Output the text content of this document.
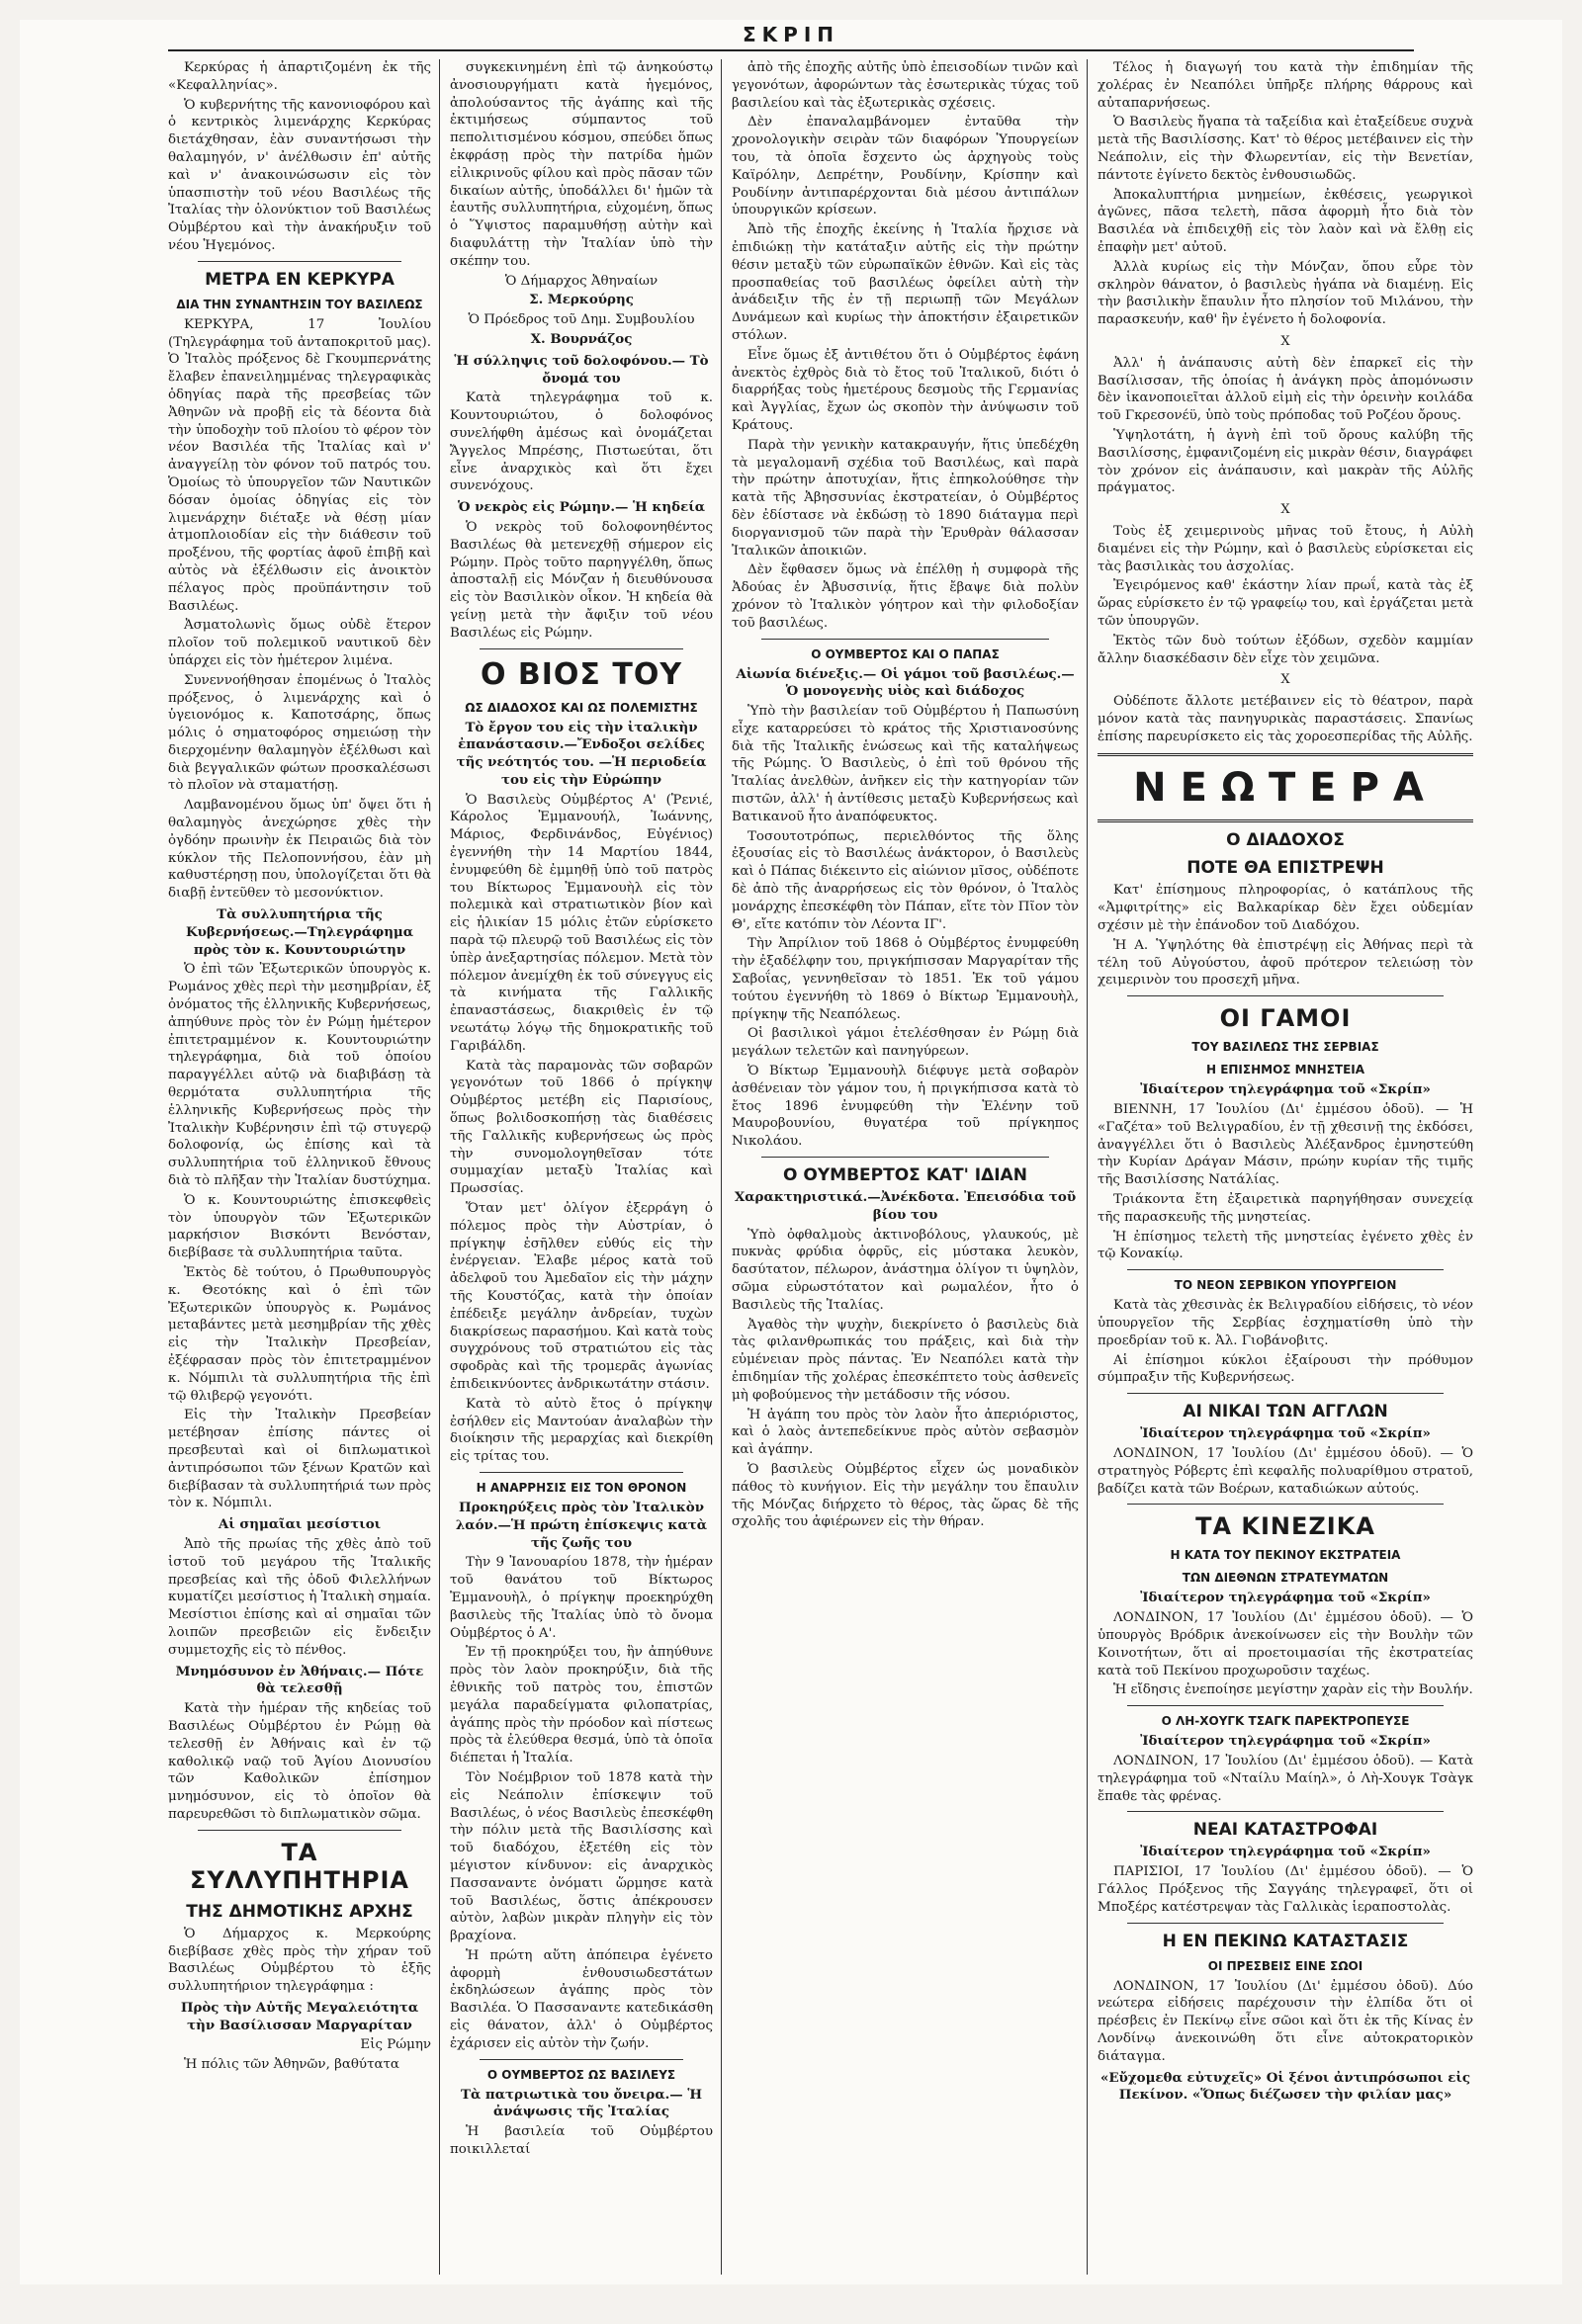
ΣΚΡΙΠ

Κερκύρας ἡ ἀπαρτιζομένη ἐκ τῆς «Κεφαλληνίας».

Ὁ κυβερνήτης τῆς κανονιοφόρου καὶ ὁ κεντρικὸς λιμενάρχης Κερκύρας διετάχθησαν, ἐὰν συναντήσωσι τὴν θαλαμηγόν, ν' ἀνέλθωσιν ἐπ' αὐτῆς καὶ ν' ἀνακοινώσωσιν εἰς τὸν ὑπασπιστὴν τοῦ νέου Βασιλέως τῆς Ἰταλίας τὴν ὁλονύκτιον τοῦ Βασιλέως Οὑμβέρτου καὶ τὴν ἀνακήρυξιν τοῦ νέου Ἡγεμόνος.

ΜΕΤΡΑ ΕΝ ΚΕΡΚΥΡΑ
ΔΙΑ ΤΗΝ ΣΥΝΑΝΤΗΣΙΝ ΤΟΥ ΒΑΣΙΛΕΩΣ

ΚΕΡΚΥΡΑ, 17 Ἰουλίου (Τηλεγράφημα τοῦ ἀνταποκριτοῦ μας). Ὁ Ἰταλὸς πρόξενος δὲ Γκουμπερνάτης ἔλαβεν ἐπανειλημμένας τηλεγραφικὰς ὁδηγίας παρὰ τῆς πρεσβείας τῶν Ἀθηνῶν νὰ προβῇ εἰς τὰ δέοντα διὰ τὴν ὑποδοχὴν τοῦ πλοίου τὸ φέρον τὸν νέον Βασιλέα τῆς Ἰταλίας καὶ ν' ἀναγγείλῃ τὸν φόνον τοῦ πατρός του. Ὁμοίως τὸ ὑπουργεῖον τῶν Ναυτικῶν δόσαν ὁμοίας ὁδηγίας εἰς τὸν λιμενάρχην διέταξε νὰ θέσῃ μίαν ἀτμοπλοιοδίαν εἰς τὴν διάθεσιν τοῦ προξένου, τῆς φορτίας ἀφοῦ ἐπιβῇ καὶ αὐτὸς νὰ ἐξέλθωσιν εἰς ἀνοικτὸν πέλαγος πρὸς προϋπάντησιν τοῦ Βασιλέως.

Ἀσματολωνὶς ὅμως οὐδὲ ἕτερον πλοῖον τοῦ πολεμικοῦ ναυτικοῦ δὲν ὑπάρχει εἰς τὸν ἡμέτερον λιμένα.

Συνεννοήθησαν ἐπομένως ὁ Ἰταλὸς πρόξενος, ὁ λιμενάρχης καὶ ὁ ὑγειονόμος κ. Καποτσάρης, ὅπως μόλις ὁ σηματοφόρος σημειώσῃ τὴν διερχομένην θαλαμηγὸν ἐξέλθωσι καὶ διὰ βεγγαλικῶν φώτων προσκαλέσωσι τὸ πλοῖον νὰ σταματήσῃ.

Λαμβανομένου ὅμως ὑπ' ὄψει ὅτι ἡ θαλαμηγὸς ἀνεχώρησε χθὲς τὴν ὀγδόην πρωινὴν ἐκ Πειραιῶς διὰ τὸν κύκλον τῆς Πελοποννήσου, ἐὰν μὴ καθυστέρησῃ που, ὑπολογίζεται ὅτι θὰ διαβῇ ἐντεῦθεν τὸ μεσονύκτιον.

Τὰ συλλυπητήρια τῆς Κυβερνήσεως.—Τηλεγράφημα πρὸς τὸν κ. Κουντουριώτην

Ὁ ἐπὶ τῶν Ἐξωτερικῶν ὑπουργὸς κ. Ρωμάνος χθὲς περὶ τὴν μεσημβρίαν, ἐξ ὀνόματος τῆς ἑλληνικῆς Κυβερνήσεως, ἀπηύθυνε πρὸς τὸν ἐν Ρώμῃ ἡμέτερον ἐπιτετραμμένον κ. Κουντουριώτην τηλεγράφημα, διὰ τοῦ ὁποίου παραγγέλλει αὐτῷ νὰ διαβιβάσῃ τὰ θερμότατα συλλυπητήρια τῆς ἑλληνικῆς Κυβερνήσεως πρὸς τὴν Ἰταλικὴν Κυβέρνησιν ἐπὶ τῷ στυγερῷ δολοφονίᾳ, ὡς ἐπίσης καὶ τὰ συλλυπητήρια τοῦ ἑλληνικοῦ ἔθνους διὰ τὸ πλῆξαν τὴν Ἰταλίαν δυστύχημα.

Ὁ κ. Κουντουριώτης ἐπισκεφθεὶς τὸν ὑπουργὸν τῶν Ἐξωτερικῶν μαρκήσιον Βισκόντι Βενόσταν, διεβίβασε τὰ συλλυπητήρια ταῦτα.

Ἐκτὸς δὲ τούτου, ὁ Πρωθυπουργὸς κ. Θεοτόκης καὶ ὁ ἐπὶ τῶν Ἐξωτερικῶν ὑπουργὸς κ. Ρωμάνος μεταβάντες μετὰ μεσημβρίαν τῆς χθὲς εἰς τὴν Ἰταλικὴν Πρεσβείαν, ἐξέφρασαν πρὸς τὸν ἐπιτετραμμένον κ. Νόμπιλι τὰ συλλυπητήρια τῆς ἐπὶ τῷ θλιβερῷ γεγονότι.

Εἰς τὴν Ἰταλικὴν Πρεσβείαν μετέβησαν ἐπίσης πάντες οἱ πρεσβευταὶ καὶ οἱ διπλωματικοὶ ἀντιπρόσωποι τῶν ξένων Κρατῶν καὶ διεβίβασαν τὰ συλλυπητήριά των πρὸς τὸν κ. Νόμπιλι.

Αἱ σημαῖαι μεσίστιοι

Ἀπὸ τῆς πρωίας τῆς χθὲς ἀπὸ τοῦ ἱστοῦ τοῦ μεγάρου τῆς Ἰταλικῆς πρεσβείας καὶ τῆς ὁδοῦ Φιλελλήνων κυματίζει μεσίστιος ἡ Ἰταλικὴ σημαία. Μεσίστιοι ἐπίσης καὶ αἱ σημαῖαι τῶν λοιπῶν πρεσβειῶν εἰς ἔνδειξιν συμμετοχῆς εἰς τὸ πένθος.

Μνημόσυνον ἐν Ἀθήναις.— Πότε θὰ τελεσθῇ

Κατὰ τὴν ἡμέραν τῆς κηδείας τοῦ Βασιλέως Οὑμβέρτου ἐν Ρώμῃ θὰ τελεσθῇ ἐν Ἀθήναις καὶ ἐν τῷ καθολικῷ ναῷ τοῦ Ἁγίου Διονυσίου τῶν Καθολικῶν ἐπίσημον μνημόσυνον, εἰς τὸ ὁποῖον θὰ παρευρεθῶσι τὸ διπλωματικὸν σῶμα.

ΤΑ ΣΥΛΛΥΠΗΤΗΡΙΑ
ΤΗΣ ΔΗΜΟΤΙΚΗΣ ΑΡΧΗΣ

Ὁ Δήμαρχος κ. Μερκούρης διεβίβασε χθὲς πρὸς τὴν χήραν τοῦ Βασιλέως Οὑμβέρτου τὸ ἑξῆς συλλυπητήριον τηλεγράφημα :

Πρὸς τὴν Αὐτῆς Μεγαλειότητα τὴν Βασίλισσαν Μαργαρίταν

Εἰς Ρώμην

Ἡ πόλις τῶν Ἀθηνῶν, βαθύτατα

συγκεκινημένη ἐπὶ τῷ ἀνηκούστῳ ἀνοσιουργήματι κατὰ ἡγεμόνος, ἀπολούσαντος τῆς ἀγάπης καὶ τῆς ἐκτιμήσεως σύμπαντος τοῦ πεπολιτισμένου κόσμου, σπεύδει ὅπως ἐκφράσῃ πρὸς τὴν πατρίδα ἡμῶν εἰλικρινοῦς φίλου καὶ πρὸς πᾶσαν τῶν δικαίων αὐτῆς, ὑποδάλλει δι' ἡμῶν τὰ ἑαυτῆς συλλυπητήρια, εὐχομένη, ὅπως ὁ Ὕψιστος παραμυθήσῃ αὐτὴν καὶ διαφυλάττῃ τὴν Ἰταλίαν ὑπὸ τὴν σκέπην του.

Ὁ Δήμαρχος Ἀθηναίων

Σ. Μερκούρης

Ὁ Πρόεδρος τοῦ Δημ. Συμβουλίου

Χ. Βουρνάζος

Ἡ σύλληψις τοῦ δολοφόνου.— Τὸ ὄνομά του

Κατὰ τηλεγράφημα τοῦ κ. Κουντουριώτου, ὁ δολοφόνος συνελήφθη ἀμέσως καὶ ὀνομάζεται Ἄγγελος Μπρέσης, Πιστωεύται, ὅτι εἶνε ἀναρχικὸς καὶ ὅτι ἔχει συνενόχους.

Ὁ νεκρὸς εἰς Ρώμην.— Ἡ κηδεία

Ὁ νεκρὸς τοῦ δολοφονηθέντος Βασιλέως θὰ μετενεχθῇ σήμερον εἰς Ρώμην. Πρὸς τοῦτο παρηγγέλθη, ὅπως ἀποσταλῇ εἰς Μόνζαν ἡ διευθύνουσα εἰς τὸν Βασιλικὸν οἶκον. Ἡ κηδεία θὰ γείνῃ μετὰ τὴν ἄφιξιν τοῦ νέου Βασιλέως εἰς Ρώμην.

Ο ΒΙΟΣ ΤΟΥ
ΩΣ ΔΙΑΔΟΧΟΣ ΚΑΙ ΩΣ ΠΟΛΕΜΙΣΤΗΣ
Τὸ ἔργον του εἰς τὴν ἰταλικὴν ἐπανάστασιν.—Ἔνδοξοι σελίδες τῆς νεότητός του. —Ἡ περιοδεία του εἰς τὴν Εὐρώπην

Ὁ Βασιλεὺς Οὑμβέρτος Α' (Ῥενιέ, Κάρολος Ἐμμανουήλ, Ἰωάννης, Μάριος, Φερδινάνδος, Εὐγένιος) ἐγεννήθη τὴν 14 Μαρτίου 1844, ἐνυμφεύθη δὲ ἐμμηθῇ ὑπὸ τοῦ πατρὸς του Βίκτωρος Ἐμμανουὴλ εἰς τὸν πολεμικὰ καὶ στρατιωτικὸν βίον καὶ εἰς ἡλικίαν 15 μόλις ἐτῶν εὑρίσκετο παρὰ τῷ πλευρῷ τοῦ Βασιλέως εἰς τὸν ὑπὲρ ἀνεξαρτησίας πόλεμον. Μετὰ τὸν πόλεμον ἀνεμίχθη ἐκ τοῦ σύνεγγυς εἰς τὰ κινήματα τῆς Γαλλικῆς ἐπαναστάσεως, διακριθεὶς ἐν τῷ νεωτάτῳ λόγῳ τῆς δημοκρατικῆς τοῦ Γαριβάλδη.

Κατὰ τὰς παραμονὰς τῶν σοβαρῶν γεγονότων τοῦ 1866 ὁ πρίγκηψ Οὑμβέρτος μετέβη εἰς Παρισίους, ὅπως βολιδοσκοπήσῃ τὰς διαθέσεις τῆς Γαλλικῆς κυβερνήσεως ὡς πρὸς τὴν συνομολογηθεῖσαν τότε συμμαχίαν μεταξὺ Ἰταλίας καὶ Πρωσσίας.

Ὅταν μετ' ὀλίγον ἐξερράγη ὁ πόλεμος πρὸς τὴν Αὐστρίαν, ὁ πρίγκηψ ἐσῆλθεν εὐθύς εἰς τὴν ἐνέργειαν. Ἐλαβε μέρος κατὰ τοῦ ἀδελφοῦ του Ἀμεδαῖον εἰς τὴν μάχην τῆς Κουστόζας, κατὰ τὴν ὁποίαν ἐπέδειξε μεγάλην ἀνδρείαν, τυχὼν διακρίσεως παρασήμου. Καὶ κατὰ τοὺς συγχρόνους τοῦ στρατιώτου εἰς τὰς σφοδρὰς καὶ τῆς τρομερᾶς ἀγωνίας ἐπιδεικνύοντες ἀνδρικωτάτην στάσιν.

Κατὰ τὸ αὐτὸ ἔτος ὁ πρίγκηψ ἐσήλθεν εἰς Μαντούαν ἀναλαβὼν τὴν διοίκησιν τῆς μεραρχίας καὶ διεκρίθη εἰς τρίτας του.

Η ΑΝΑΡΡΗΣΙΣ ΕΙΣ ΤΟΝ ΘΡΟΝΟΝ
Προκηρύξεις πρὸς τὸν Ἰταλικὸν λαόν.—Ἡ πρώτη ἐπίσκεψις κατὰ τῆς ζωῆς του

Τὴν 9 Ἰανουαρίου 1878, τὴν ἡμέραν τοῦ θανάτου τοῦ Βίκτωρος Ἐμμανουὴλ, ὁ πρίγκηψ προεκηρύχθη βασιλεὺς τῆς Ἰταλίας ὑπὸ τὸ ὄνομα Οὑμβέρτος ὁ Α'.

Ἐν τῇ προκηρύξει του, ἣν ἀπηύθυνε πρὸς τὸν λαὸν προκηρύξιν, διὰ τῆς ἐθνικῆς τοῦ πατρὸς του, ἐπιστῶν μεγάλα παραδείγματα φιλοπατρίας, ἀγάπης πρὸς τὴν πρόοδον καὶ πίστεως πρὸς τὰ ἐλεύθερα θεσμά, ὑπὸ τὰ ὁποῖα διέπεται ἡ Ἰταλία.

Τὸν Νοέμβριον τοῦ 1878 κατὰ τὴν εἰς Νεάπολιν ἐπίσκεψιν τοῦ Βασιλέως, ὁ νέος Βασιλεὺς ἐπεσκέφθη τὴν πόλιν μετὰ τῆς Βασιλίσσης καὶ τοῦ διαδόχου, ἐξετέθη εἰς τὸν μέγιστον κίνδυνον: εἰς ἀναρχικὸς Πασσαναντε ὀνόματι ὥρμησε κατὰ τοῦ Βασιλέως, ὅστις ἀπέκρουσεν αὐτὸν, λαβὼν μικρὰν πληγὴν εἰς τὸν βραχίονα.

Ἡ πρώτη αὕτη ἀπόπειρα ἐγένετο ἀφορμὴ ἐνθουσιωδεστάτων ἐκδηλώσεων ἀγάπης πρὸς τὸν Βασιλέα. Ὁ Πασσαναντε κατεδικάσθη εἰς θάνατον, ἀλλ' ὁ Οὑμβέρτος ἐχάρισεν εἰς αὐτὸν τὴν ζωήν.

Ο ΟΥΜΒΕΡΤΟΣ ΩΣ ΒΑΣΙΛΕΥΣ
Τὰ πατριωτικὰ του ὄνειρα.— Ἡ ἀνάψωσις τῆς Ἰταλίας

Ἡ βασιλεία τοῦ Οὑμβέρτου ποικιλλεταί

ἀπὸ τῆς ἐποχῆς αὐτῆς ὑπὸ ἐπεισοδίων τινῶν καὶ γεγονότων, ἀφορώντων τὰς ἐσωτερικὰς τύχας τοῦ βασιλείου καὶ τὰς ἐξωτερικὰς σχέσεις.

Δὲν ἐπαναλαμβάνομεν ἐνταῦθα τὴν χρονολογικὴν σειρὰν τῶν διαφόρων Ὑπουργείων του, τὰ ὁποῖα ἔσχεντο ὡς ἀρχηγοὺς τοὺς Καϊρόλην, Δεπρέτην, Ρουδίνην, Κρίσπην καὶ Ρουδίνην ἀντιπαρέρχονται διὰ μέσου ἀντιπάλων ὑπουργικῶν κρίσεων.

Ἀπὸ τῆς ἐποχῆς ἐκείνης ἡ Ἰταλία ἤρχισε νὰ ἐπιδιώκῃ τὴν κατάταξιν αὐτῆς εἰς τὴν πρώτην θέσιν μεταξὺ τῶν εὐρωπαϊκῶν ἐθνῶν. Καὶ εἰς τὰς προσπαθείας τοῦ βασιλέως ὀφείλει αὐτὴ τὴν ἀνάδειξιν τῆς ἐν τῇ περιωπῇ τῶν Μεγάλων Δυνάμεων καὶ κυρίως τὴν ἀποκτήσιν ἐξαιρετικῶν στόλων.

Εἶνε ὅμως ἐξ ἀντιθέτου ὅτι ὁ Οὑμβέρτος ἐφάνη ἀνεκτὸς ἐχθρὸς διὰ τὸ ἔτος τοῦ Ἰταλικοῦ, διότι ὁ διαρρήξας τοὺς ἡμετέρους δεσμοὺς τῆς Γερμανίας καὶ Ἀγγλίας, ἔχων ὡς σκοπὸν τὴν ἀνύψωσιν τοῦ Κράτους.

Παρὰ τὴν γενικὴν κατακραυγήν, ἥτις ὑπεδέχθη τὰ μεγαλομανῆ σχέδια τοῦ Βασιλέως, καὶ παρὰ τὴν πρώτην ἀποτυχίαν, ἥτις ἐπηκολούθησε τὴν κατὰ τῆς Ἀβησσυνίας ἐκστρατείαν, ὁ Οὑμβέρτος δὲν ἐδίστασε νὰ ἐκδώσῃ τὸ 1890 διάταγμα περὶ διοργανισμοῦ τῶν παρὰ τὴν Ἐρυθρὰν θάλασσαν Ἰταλικῶν ἀποικιῶν.

Δὲν ἔφθασεν ὅμως νὰ ἐπέλθῃ ἡ συμφορὰ τῆς Ἀδούας ἐν Ἀβυσσινίᾳ, ἥτις ἔβαψε διὰ πολὺν χρόνον τὸ Ἰταλικὸν γόητρον καὶ τὴν φιλοδοξίαν τοῦ βασιλέως.

Ο ΟΥΜΒΕΡΤΟΣ ΚΑΙ Ο ΠΑΠΑΣ
Αἰωνία διένεξις.— Οἱ γάμοι τοῦ βασιλέως.— Ὁ μονογενὴς υἱὸς καὶ διάδοχος

Ὑπὸ τὴν βασιλείαν τοῦ Οὑμβέρτου ἡ Παπωσύνη εἶχε καταρρεύσει τὸ κράτος τῆς Χριστιανοσύνης διὰ τῆς Ἰταλικῆς ἑνώσεως καὶ τῆς καταλήψεως τῆς Ρώμης. Ὁ Βασιλεὺς, ὁ ἐπὶ τοῦ θρόνου τῆς Ἰταλίας ἀνελθὼν, ἀνῆκεν εἰς τὴν κατηγορίαν τῶν πιστῶν, ἀλλ' ἡ ἀντίθεσις μεταξὺ Κυβερνήσεως καὶ Βατικανοῦ ἦτο ἀναπόφευκτος.

Τοσουτοτρόπως, περιελθόντος τῆς ὅλης ἐξουσίας εἰς τὸ Βασιλέως ἀνάκτορον, ὁ Βασιλεὺς καὶ ὁ Πάπας διέκειντο εἰς αἰώνιον μῖσος, οὐδέποτε δὲ ἀπὸ τῆς ἀναρρήσεως εἰς τὸν θρόνον, ὁ Ἰταλὸς μονάρχης ἐπεσκέφθη τὸν Πάπαν, εἴτε τὸν Πῖον τὸν Θ', εἴτε κατόπιν τὸν Λέοντα ΙΓ'.

Τὴν Ἀπρίλιον τοῦ 1868 ὁ Οὑμβέρτος ἐνυμφεύθη τὴν ἐξαδέλφην του, πριγκήπισσαν Μαργαρίταν τῆς Σαβοΐας, γεννηθεῖσαν τὸ 1851. Ἐκ τοῦ γάμου τούτου ἐγεννήθη τὸ 1869 ὁ Βίκτωρ Ἐμμανουὴλ, πρίγκηψ τῆς Νεαπόλεως.

Οἱ βασιλικοὶ γάμοι ἐτελέσθησαν ἐν Ρώμῃ διὰ μεγάλων τελετῶν καὶ πανηγύρεων.

Ὁ Βίκτωρ Ἐμμανουὴλ διέφυγε μετὰ σοβαρὸν ἀσθένειαν τὸν γάμον του, ἡ πριγκήπισσα κατὰ τὸ ἔτος 1896 ἐνυμφεύθη τὴν Ἑλένην τοῦ Μαυροβουνίου, θυγατέρα τοῦ πρίγκηπος Νικολάου.

Ο ΟΥΜΒΕΡΤΟΣ ΚΑΤ' ΙΔΙΑΝ
Χαρακτηριστικά.—Ἀνέκδοτα. Ἐπεισόδια τοῦ βίου του

Ὑπὸ ὀφθαλμοὺς ἀκτινοβόλους, γλαυκούς, μὲ πυκνὰς φρύδια ὀφρῦς, εἰς μύστακα λευκὸν, δασύτατον, πέλωρον, ἀνάστημα ὀλίγον τι ὑψηλὸν, σῶμα εὐρωστότατον καὶ ρωμαλέον, ἦτο ὁ Βασιλεὺς τῆς Ἰταλίας.

Ἀγαθὸς τὴν ψυχὴν, διεκρίνετο ὁ βασιλεὺς διὰ τὰς φιλανθρωπικάς του πράξεις, καὶ διὰ τὴν εὐμένειαν πρὸς πάντας. Ἐν Νεαπόλει κατὰ τὴν ἐπιδημίαν τῆς χολέρας ἐπεσκέπτετο τοὺς ἀσθενεῖς μὴ φοβούμενος τὴν μετάδοσιν τῆς νόσου.

Ἡ ἀγάπη του πρὸς τὸν λαὸν ἦτο ἀπεριόριστος, καὶ ὁ λαὸς ἀντεπεδείκνυε πρὸς αὐτὸν σεβασμὸν καὶ ἀγάπην.

Ὁ βασιλεὺς Οὑμβέρτος εἶχεν ὡς μοναδικὸν πάθος τὸ κυνήγιον. Εἰς τὴν μεγάλην του ἔπαυλιν τῆς Μόνζας διήρχετο τὸ θέρος, τὰς ὥρας δὲ τῆς σχολῆς του ἀφιέρωνεν εἰς τὴν θήραν.

Τέλος ἡ διαγωγή του κατὰ τὴν ἐπιδημίαν τῆς χολέρας ἐν Νεαπόλει ὑπῆρξε πλήρης θάρρους καὶ αὐταπαρνήσεως.

Ὁ Βασιλεὺς ἤγαπα τὰ ταξείδια καὶ ἐταξείδευε συχνὰ μετὰ τῆς Βασιλίσσης. Κατ' τὸ θέρος μετέβαινεν εἰς τὴν Νεάπολιν, εἰς τὴν Φλωρεντίαν, εἰς τὴν Βενετίαν, πάντοτε ἐγίνετο δεκτὸς ἐνθουσιωδῶς.

Ἀποκαλυπτήρια μνημείων, ἐκθέσεις, γεωργικοὶ ἀγῶνες, πᾶσα τελετὴ, πᾶσα ἀφορμὴ ἦτο διὰ τὸν Βασιλέα νὰ ἐπιδειχθῇ εἰς τὸν λαὸν καὶ νὰ ἔλθῃ εἰς ἐπαφὴν μετ' αὐτοῦ.

Ἀλλὰ κυρίως εἰς τὴν Μόνζαν, ὅπου εὗρε τὸν σκληρὸν θάνατον, ὁ βασιλεὺς ἠγάπα νὰ διαμένῃ. Εἰς τὴν βασιλικὴν ἔπαυλιν ἦτο πλησίον τοῦ Μιλάνου, τὴν παρασκευήν, καθ' ἣν ἐγένετο ἡ δολοφονία.

X

Ἀλλ' ἡ ἀνάπαυσις αὐτὴ δὲν ἐπαρκεῖ εἰς τὴν Βασίλισσαν, τῆς ὁποίας ἡ ἀνάγκη πρὸς ἀπομόνωσιν δὲν ἱκανοποιεῖται ἀλλοῦ εἰμὴ εἰς τὴν ὁρεινὴν κοιλάδα τοῦ Γκρεσονέϋ, ὑπὸ τοὺς πρόποδας τοῦ Ροζέου ὄρους.

Ὑψηλοτάτη, ἡ ἀγνὴ ἐπὶ τοῦ ὄρους καλύβη τῆς Βασιλίσσης, ἐμφανιζομένη εἰς μικρὰν θέσιν, διαγράφει τὸν χρόνον εἰς ἀνάπαυσιν, καὶ μακρὰν τῆς Αὐλῆς πράγματος.

X

Τοὺς ἐξ χειμερινοὺς μῆνας τοῦ ἔτους, ἡ Αὐλὴ διαμένει εἰς τὴν Ρώμην, καὶ ὁ βασιλεὺς εὑρίσκεται εἰς τὰς βασιλικὰς του ἀσχολίας.

Ἐγειρόμενος καθ' ἑκάστην λίαν πρωΐ, κατὰ τὰς ἐξ ὥρας εὑρίσκετο ἐν τῷ γραφείῳ του, καὶ ἐργάζεται μετὰ τῶν ὑπουργῶν.

Ἐκτὸς τῶν δυὸ τούτων ἐξόδων, σχεδὸν καμμίαν ἄλλην διασκέδασιν δὲν εἶχε τὸν χειμῶνα.

X

Οὐδέποτε ἄλλοτε μετέβαινεν εἰς τὸ θέατρον, παρὰ μόνον κατὰ τὰς πανηγυρικὰς παραστάσεις. Σπανίως ἐπίσης παρευρίσκετο εἰς τὰς χοροεσπερίδας τῆς Αὐλῆς.

ΝΕΩΤΕΡΑ
Ο ΔΙΑΔΟΧΟΣ
ΠΟΤΕ ΘΑ ΕΠΙΣΤΡΕΨΗ

Κατ' ἐπίσημους πληροφορίας, ὁ κατάπλους τῆς «Ἀμφιτρίτης» εἰς Βαλκαρίκαρ δὲν ἔχει οὐδεμίαν σχέσιν μὲ τὴν ἐπάνοδον τοῦ Διαδόχου.

Ἡ Α. Ὑψηλότης θὰ ἐπιστρέψῃ εἰς Ἀθήνας περὶ τὰ τέλη τοῦ Αὐγούστου, ἀφοῦ πρότερον τελειώσῃ τὸν χειμερινὸν του προσεχῆ μῆνα.

ΟΙ ΓΑΜΟΙ
ΤΟΥ ΒΑΣΙΛΕΩΣ ΤΗΣ ΣΕΡΒΙΑΣ
Η ΕΠΙΣΗΜΟΣ ΜΝΗΣΤΕΙΑ
Ἰδιαίτερον τηλεγράφημα τοῦ «Σκρίπ»

ΒΙΕΝΝΗ, 17 Ἰουλίου (Δι' ἐμμέσου ὁδοῦ). — Ἡ «Γαζέτα» τοῦ Βελιγραδίου, ἐν τῇ χθεσινῇ της ἐκδόσει, ἀναγγέλλει ὅτι ὁ Βασιλεὺς Ἀλέξανδρος ἐμνηστεύθη τὴν Κυρίαν Δράγαν Μάσιν, πρώην κυρίαν τῆς τιμῆς τῆς Βασιλίσσης Νατάλίας.

Τριάκοντα ἔτη ἐξαιρετικὰ παρηγήθησαν συνεχείᾳ τῆς παρασκευῆς τῆς μνηστείας.

Ἡ ἐπίσημος τελετὴ τῆς μνηστείας ἐγένετο χθὲς ἐν τῷ Κονακίῳ.

ΤΟ ΝΕΟΝ ΣΕΡΒΙΚΟΝ ΥΠΟΥΡΓΕΙΟΝ

Κατὰ τὰς χθεσινὰς ἐκ Βελιγραδίου εἰδήσεις, τὸ νέον ὑπουργεῖον τῆς Σερβίας ἐσχηματίσθη ὑπὸ τὴν προεδρίαν τοῦ κ. Ἀλ. Γιοβάνοβιτς.

Αἱ ἐπίσημοι κύκλοι ἐξαίρουσι τὴν πρόθυμον σύμπραξιν τῆς Κυβερνήσεως.

ΑΙ ΝΙΚΑΙ ΤΩΝ ΑΓΓΛΩΝ
Ἰδιαίτερον τηλεγράφημα τοῦ «Σκρίπ»

ΛΟΝΔΙΝΟΝ, 17 Ἰουλίου (Δι' ἐμμέσου ὁδοῦ). — Ὁ στρατηγὸς Ρόβερτς ἐπὶ κεφαλῆς πολυαρίθμου στρατοῦ, βαδίζει κατὰ τῶν Βοέρων, καταδιώκων αὐτούς.

ΤΑ ΚΙΝΕΖΙΚΑ
Η ΚΑΤΑ ΤΟΥ ΠΕΚΙΝΟΥ ΕΚΣΤΡΑΤΕΙΑ
ΤΩΝ ΔΙΕΘΝΩΝ ΣΤΡΑΤΕΥΜΑΤΩΝ
Ἰδιαίτερον τηλεγράφημα τοῦ «Σκρίπ»

ΛΟΝΔΙΝΟΝ, 17 Ἰουλίου (Δι' ἐμμέσου ὁδοῦ). — Ὁ ὑπουργὸς Βρόδρικ ἀνεκοίνωσεν εἰς τὴν Βουλὴν τῶν Κοινοτήτων, ὅτι αἱ προετοιμασίαι τῆς ἐκστρατείας κατὰ τοῦ Πεκίνου προχωροῦσιν ταχέως.

Ἡ εἴδησις ἐνεποίησε μεγίστην χαρὰν εἰς τὴν Βουλήν.

Ο ΛΗ-ΧΟΥΓΚ ΤΣΑΓΚ ΠΑΡΕΚΤΡΟΠΕΥΣΕ
Ἰδιαίτερον τηλεγράφημα τοῦ «Σκρίπ»

ΛΟΝΔΙΝΟΝ, 17 Ἰουλίου (Δι' ἐμμέσου ὁδοῦ). — Κατὰ τηλεγράφημα τοῦ «Νταίλυ Μαίηλ», ὁ Λὴ-Χουγκ Τσὰγκ ἔπαθε τὰς φρένας.

ΝΕΑΙ ΚΑΤΑΣΤΡΟΦΑΙ
Ἰδιαίτερον τηλεγράφημα τοῦ «Σκρίπ»

ΠΑΡΙΣΙΟΙ, 17 Ἰουλίου (Δι' ἐμμέσου ὁδοῦ). — Ὁ Γάλλος Πρόξενος τῆς Σαγγάης τηλεγραφεῖ, ὅτι οἱ Μποξέρς κατέστρεψαν τὰς Γαλλικὰς ἱεραποστολὰς.

Η ΕΝ ΠΕΚΙΝΩ ΚΑΤΑΣΤΑΣΙΣ
ΟΙ ΠΡΕΣΒΕΙΣ ΕΙΝΕ ΣΩΟΙ

ΛΟΝΔΙΝΟΝ, 17 Ἰουλίου (Δι' ἐμμέσου ὁδοῦ). Δύο νεώτερα εἰδήσεις παρέχουσιν τὴν ἐλπίδα ὅτι οἱ πρέσβεις ἐν Πεκίνῳ εἶνε σῶοι καὶ ὅτι ἐκ τῆς Κίνας ἐν Λονδίνῳ ἀνεκοινώθη ὅτι εἶνε αὐτοκρατορικὸν διάταγμα.

«Εὔχομεθα εὐτυχεῖς» Οἱ ξένοι ἀντιπρόσωποι εἰς Πεκίνον. «Ὅπως διέζωσεν τὴν φιλίαν μας»
